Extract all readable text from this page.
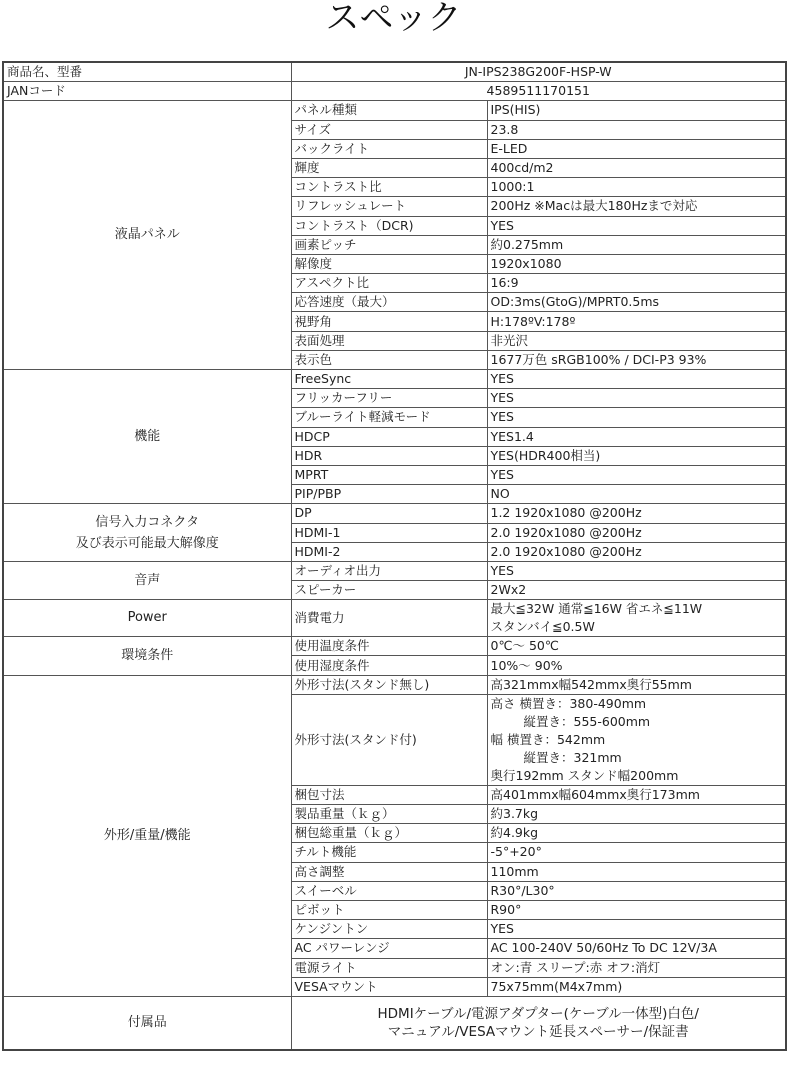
スペック
商品名、型番	JN-IPS238G200F-HSP-W	
JANコード	4589511170151	
液晶パネル	パネル種類	IPS(HIS)
	サイズ	23.8
	バックライト	E-LED
	輝度	400cd/m2
	コントラスト比	1000:1
	リフレッシュレート	200Hz ※Macは最大180Hzまで対応
	コントラスト（DCR)	YES
	画素ピッチ	約0.275mm
	解像度	1920x1080
	アスペクト比	16:9
	応答速度（最大）	OD:3ms(GtoG)/MPRT0.5ms
	視野角	H:178ºV:178º
	表面処理	非光沢
	表示色	1677万色 sRGB100% / DCI-P3 93%
機能	FreeSync	YES
	フリッカーフリー	YES
	ブルーライト軽減モード	YES
	HDCP	YES1.4
	HDR	YES(HDR400相当)
	MPRT	YES
	PIP/PBP	NO

信号入力コネクタ
及び表示可能最大解像度	DP	1.2 1920x1080 @200Hz
	HDMI-1	2.0 1920x1080 @200Hz
	HDMI-2	2.0 1920x1080 @200Hz
音声	オーディオ出力	YES
	スピーカー	2Wx2
Power	消費電力	最大≦32W 通常≦16W 省エネ≦11W
スタンバイ≦0.5W

環境条件	使用温度条件	0℃～ 50℃
	使用湿度条件	10%～ 90%
外形/重量/機能	外形寸法(スタンド無し)	高321mmx幅542mmx奥行55mm
	外形寸法(スタンド付)	高さ 横置き：380-490mm
縦置き：555-600mm
幅 横置き：542mm
縦置き：321mm
奥行192mm スタンド幅200mm

	梱包寸法	高401mmx幅604mmx奥行173mm
	製品重量（ｋｇ）	約3.7kg
	梱包総重量（ｋｇ）	約4.9kg
	チルト機能	-5°+20°
	高さ調整	110mm
	スイーベル	R30°/L30°
	ピボット	R90°
	ケンジントン	YES
	AC パワーレンジ	AC 100-240V 50/60Hz To DC 12V/3A
	電源ライト	オン:青 スリープ:赤 オフ:消灯
	VESAマウント	75x75mm(M4x7mm)
付属品	HDMIケーブル/電源アダプター(ケーブル一体型)白色/
マニュアル/VESAマウント延長スペーサー/保証書	
